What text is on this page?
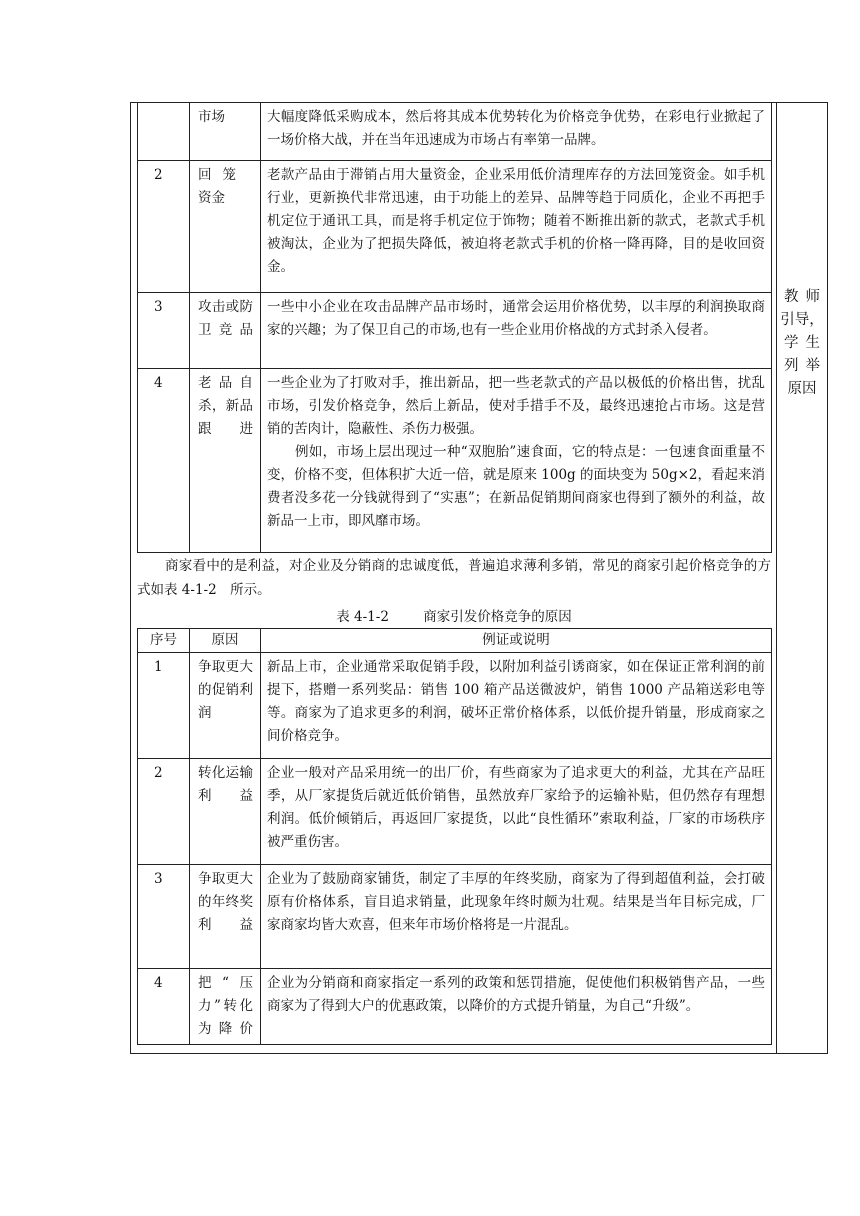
教 师
引导，
学 生
列 举
原因
	市场	大幅度降低采购成本，然后将其成本优势转化为价格竞争优势，在彩电行业掀起了一场价格大战，并在当年迅速成为市场占有率第一品牌。

2	回笼资金	老款产品由于滞销占用大量资金，企业采用低价清理库存的方法回笼资金。如手机行业，更新换代非常迅速，由于功能上的差异、品牌等趋于同质化，企业不再把手机定位于通讯工具，而是将手机定位于饰物；随着不断推出新的款式，老款式手机被淘汰，企业为了把损失降低，被迫将老款式手机的价格一降再降，目的是收回资金。

3	攻击或防卫竞品	一些中小企业在攻击品牌产品市场时，通常会运用价格优势，以丰厚的利润换取商家的兴趣；为了保卫自己的市场,也有一些企业用价格战的方式封杀入侵者。

4	老品自杀，新品跟进	一些企业为了打败对手，推出新品，把一些老款式的产品以极低的价格出售，扰乱市场，引发价格竞争，然后上新品，使对手措手不及，最终迅速抢占市场。这是营销的苦肉计，隐蔽性、杀伤力极强。

例如，市场上层出现过一种“双胞胎”速食面，它的特点是：一包速食面重量不变，价格不变，但体积扩大近一倍，就是原来 100g 的面块变为 50g×2，看起来消费者没多花一分钱就得到了“实惠”；在新品促销期间商家也得到了额外的利益，故新品一上市，即风靡市场。

商家看中的是利益，对企业及分销商的忠诚度低，普遍追求薄利多销，常见的商家引起价格竞争的方式如表 4-1-2　所示。

表 4-1-2	商家引发价格竞争的原因
序号	原因	例证或说明
1	争取更大的促销利润	新品上市，企业通常采取促销手段，以附加利益引诱商家，如在保证正常利润的前提下，搭赠一系列奖品：销售 100 箱产品送微波炉，销售 1000 产品箱送彩电等等。商家为了追求更多的利润，破坏正常价格体系，以低价提升销量，形成商家之间价格竞争。
2	转化运输利益	企业一般对产品采用统一的出厂价，有些商家为了追求更大的利益，尤其在产品旺季，从厂家提货后就近低价销售，虽然放弃厂家给予的运输补贴，但仍然存有理想利润。低价倾销后，再返回厂家提货，以此“良性循环”索取利益，厂家的市场秩序被严重伤害。
3	争取更大的年终奖利益	企业为了鼓励商家铺货，制定了丰厚的年终奖励，商家为了得到超值利益，会打破原有价格体系，盲目追求销量，此现象年终时颇为壮观。结果是当年目标完成，厂家商家均皆大欢喜，但来年市场价格将是一片混乱。
4	把“压力”转化为降价	企业为分销商和商家指定一系列的政策和惩罚措施，促使他们积极销售产品，一些商家为了得到大户的优惠政策，以降价的方式提升销量，为自己“升级”。
